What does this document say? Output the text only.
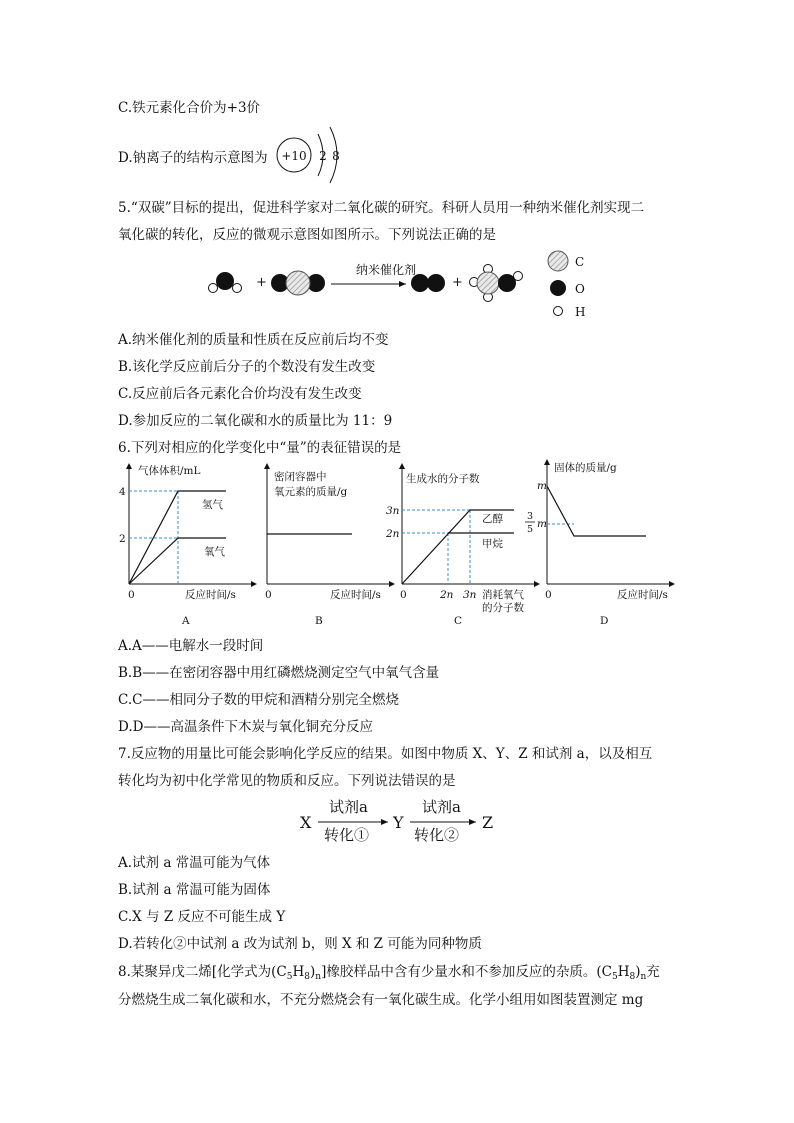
C.铁元素化合价为+3价
D.钠离子的结构示意图为 +10 2 8
5.“双碳”目标的提出，促进科学家对二氧化碳的研究。科研人员用一种纳米催化剂实现二
氧化碳的转化，反应的微观示意图如图所示。下列说法正确的是
+
纳米催化剂
+
C
O
H
A.纳米催化剂的质量和性质在反应前后均不变
B.该化学反应前后分子的个数没有发生改变
C.反应前后各元素化合价均没有发生改变
D.参加反应的二氧化碳和水的质量比为 11：9
6.下列对相应的化学变化中“量”的表征错误的是
气体体积/mL
4
2
0
氢气
氧气
反应时间/s
A
密闭容器中
氧元素的质量/g
0	反应时间/s
B
生成水的分子数
3n
2n
0
乙醇
甲烷
2n 3n 消耗氧气
的分子数
C
固体的质量/g
m
3
5 m
0	反应时间/s
D
A.A——电解水一段时间
B.B——在密闭容器中用红磷燃烧测定空气中氧气含量
C.C——相同分子数的甲烷和酒精分别完全燃烧
D.D——高温条件下木炭与氧化铜充分反应
7.反应物的用量比可能会影响化学反应的结果。如图中物质 X、Y、Z 和试剂 a，以及相互
转化均为初中化学常见的物质和反应。下列说法错误的是
X
试剂a
转化①
Y
试剂a
转化②
Z
A.试剂 a 常温可能为气体
B.试剂 a 常温可能为固体
C.X 与 Z 反应不可能生成 Y
D.若转化②中试剂 a 改为试剂 b，则 X 和 Z 可能为同种物质
8.某聚异戊二烯[化学式为$(C_5H_8)_n$]橡胶样品中含有少量水和不参加反应的杂质。$(C_5H_8)_n$充
分燃烧生成二氧化碳和水，不充分燃烧会有一氧化碳生成。化学小组用如图装置测定 mg
